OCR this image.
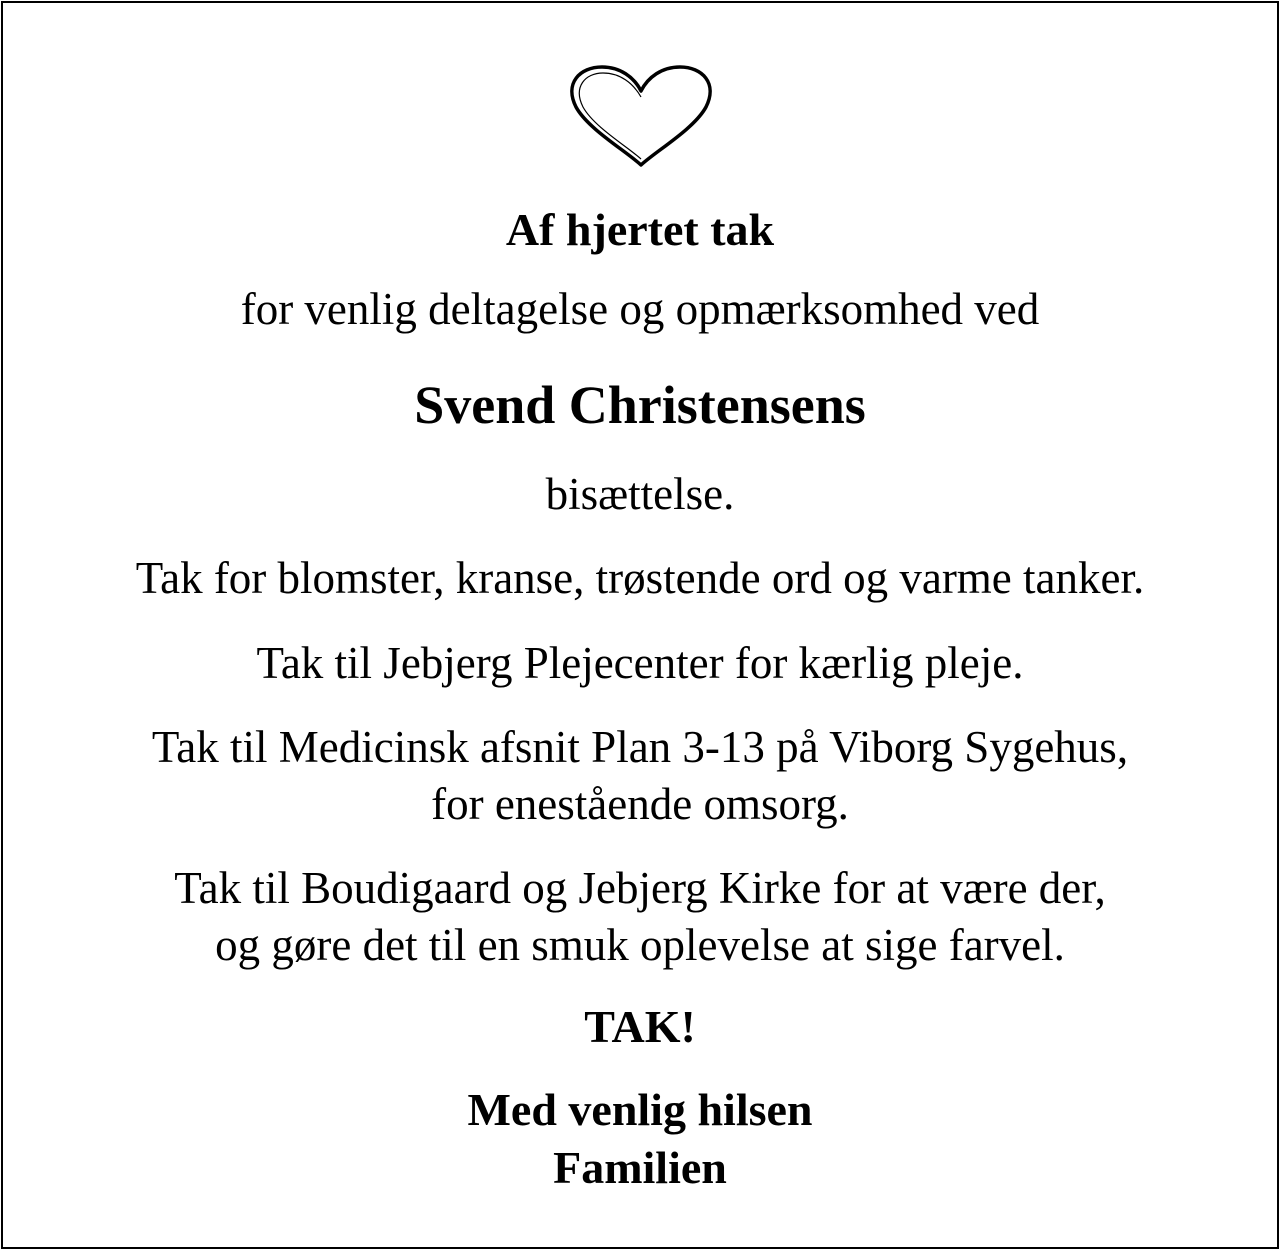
Af hjertet tak
for venlig deltagelse og opmærksomhed ved
Svend Christensens
bisættelse.
Tak for blomster, kranse, trøstende ord og varme tanker.
Tak til Jebjerg Plejecenter for kærlig pleje.
Tak til Medicinsk afsnit Plan 3-13 på Viborg Sygehus,
for enestående omsorg.
Tak til Boudigaard og Jebjerg Kirke for at være der,
og gøre det til en smuk oplevelse at sige farvel.
TAK!
Med venlig hilsen
Familien
